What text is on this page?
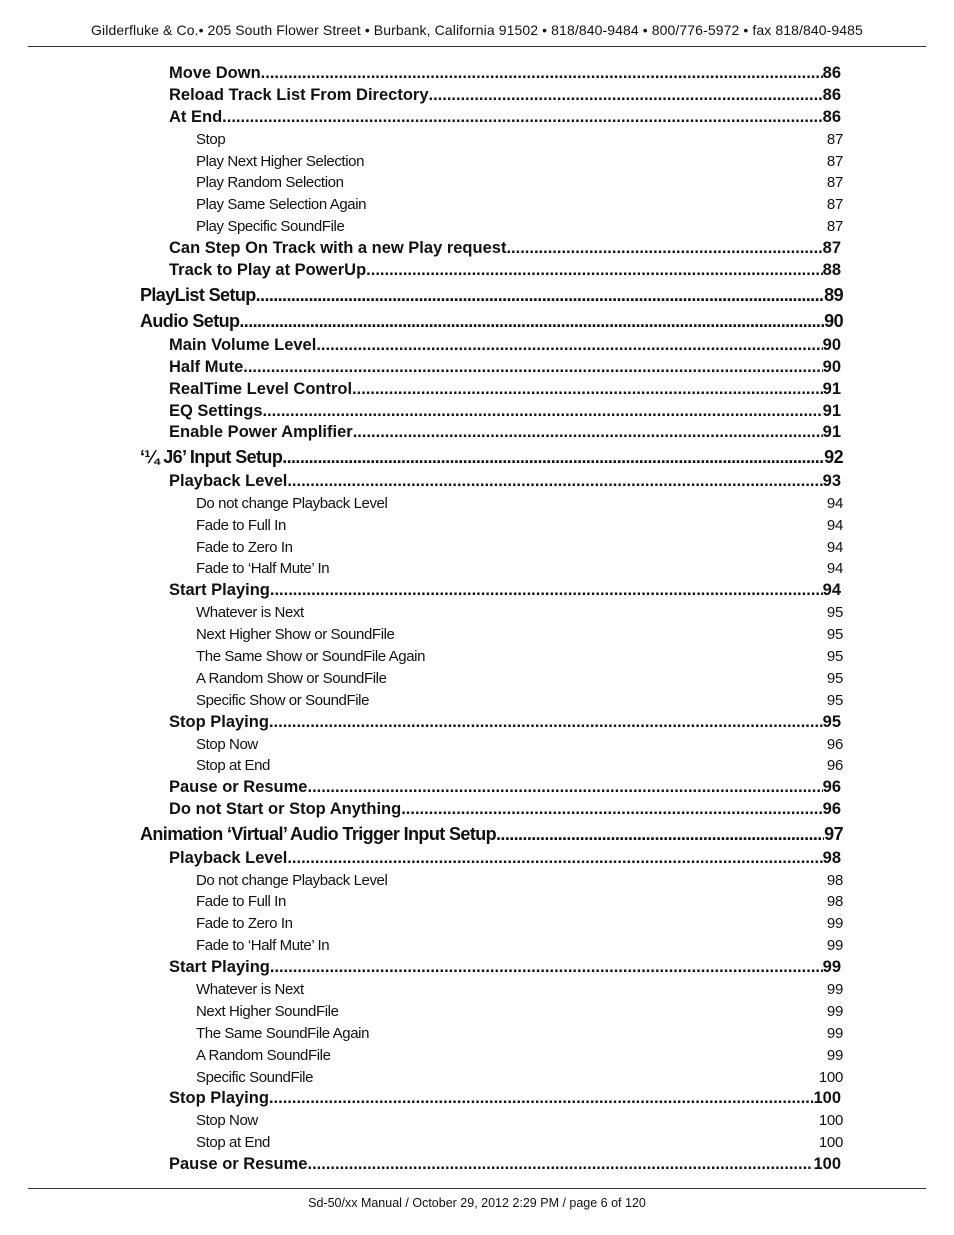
Gilderfluke & Co.• 205 South Flower Street • Burbank, California 91502 • 818/840-9484 • 800/776-5972 • fax 818/840-9485
Move Down .....	86
Reload Track List From Directory .....	86
At End .....	86
Stop	87
Play Next Higher Selection	87
Play Random Selection	87
Play Same Selection Again	87
Play Specific SoundFile	87
Can Step On Track with a new Play request .....	87
Track to Play at PowerUp .....	88
PlayList Setup .....	89
Audio Setup .....	90
Main Volume Level .....	90
Half Mute .....	90
RealTime Level Control .....	91
EQ Settings .....	91
Enable Power Amplifier .....	91
‘¼ J6’ Input Setup .....	92
Playback Level .....	93
Do not change Playback Level	94
Fade to Full In	94
Fade to Zero In	94
Fade to ‘Half Mute’ In	94
Start Playing .....	94
Whatever is Next	95
Next Higher Show or SoundFile	95
The Same Show or SoundFile Again	95
A Random Show or SoundFile	95
Specific Show or SoundFile	95
Stop Playing .....	95
Stop Now	96
Stop at End	96
Pause or Resume .....	96
Do not Start or Stop Anything .....	96
Animation ‘Virtual’ Audio Trigger Input Setup .....	97
Playback Level .....	98
Do not change Playback Level	98
Fade to Full In	98
Fade to Zero In	99
Fade to ‘Half Mute’ In	99
Start Playing .....	99
Whatever is Next	99
Next Higher SoundFile	99
The Same SoundFile Again	99
A Random SoundFile	99
Specific SoundFile	100
Stop Playing .....	100
Stop Now	100
Stop at End	100
Pause or Resume .....	100
Sd-50/xx Manual / October 29, 2012 2:29 PM / page 6 of 120
